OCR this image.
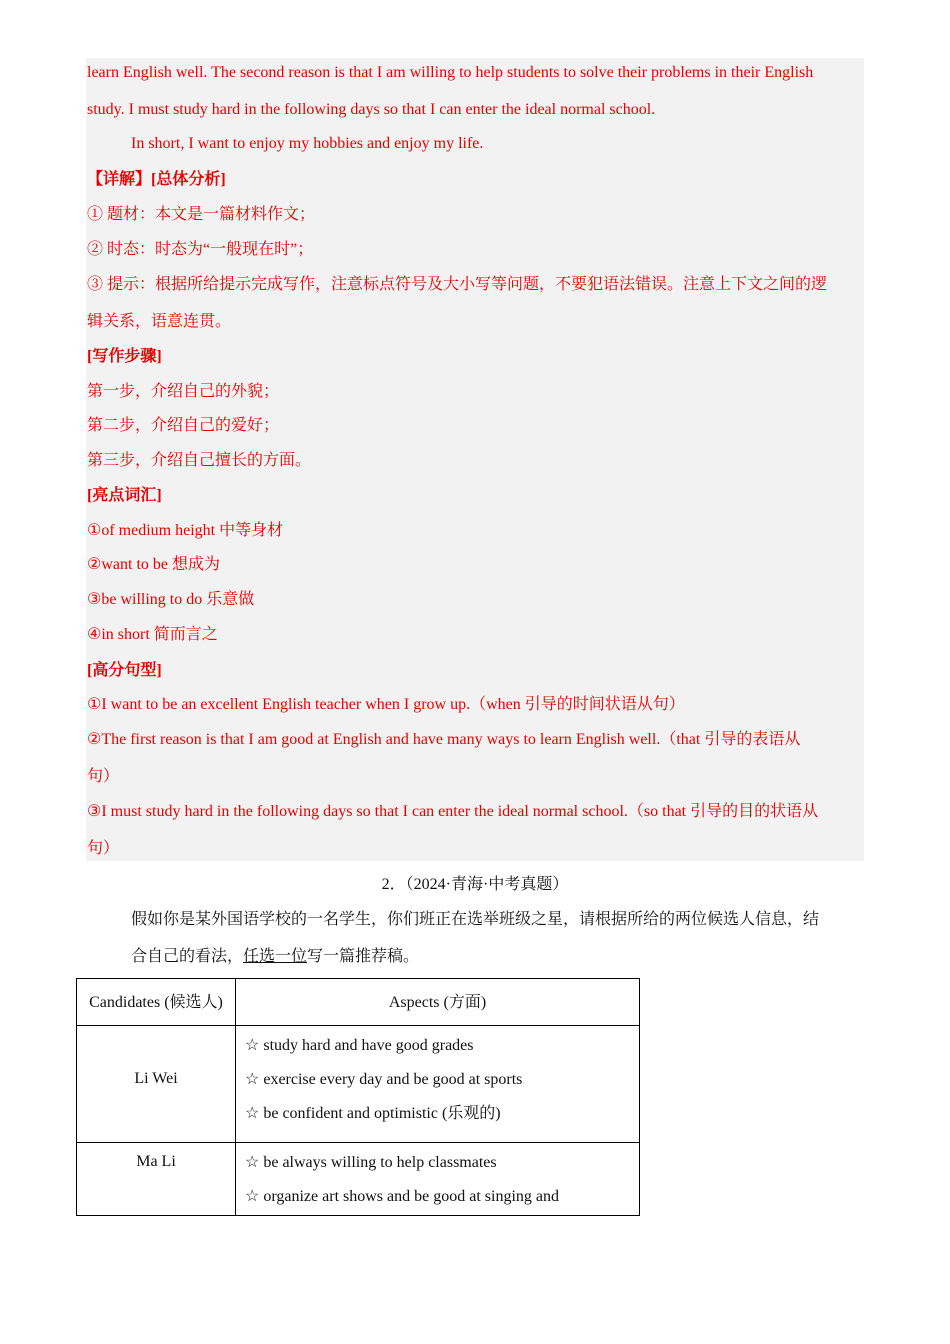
learn English well. The second reason is that I am willing to help students to solve their problems in their English
study. I must study hard in the following days so that I can enter the ideal normal school.
In short, I want to enjoy my hobbies and enjoy my life.
【详解】[总体分析]
① 题材：本文是一篇材料作文；
② 时态：时态为“一般现在时”；
③ 提示：根据所给提示完成写作，注意标点符号及大小写等问题，不要犯语法错误。注意上下文之间的逻
辑关系，语意连贯。
[写作步骤]
第一步，介绍自己的外貌；
第二步，介绍自己的爱好；
第三步，介绍自己擅长的方面。
[亮点词汇]
①of medium height 中等身材
②want to be 想成为
③be willing to do 乐意做
④in short 简而言之
[高分句型]
①I want to be an excellent English teacher when I grow up.（when 引导的时间状语从句）
②The first reason is that I am good at English and have many ways to learn English well.（that 引导的表语从
句）
③I must study hard in the following days so that I can enter the ideal normal school.（so that 引导的目的状语从
句）
2．（2024·青海·中考真题）
假如你是某外国语学校的一名学生，你们班正在选举班级之星，请根据所给的两位候选人信息，结
合自己的看法，任选一位写一篇推荐稿。
Candidates (候选人)	Aspects (方面)

Li Wei	☆ study hard and have good grades
☆ exercise every day and be good at sports
☆ be confident and optimistic (乐观的)

Ma Li	☆ be always willing to help classmates
☆ organize art shows and be good at singing and
